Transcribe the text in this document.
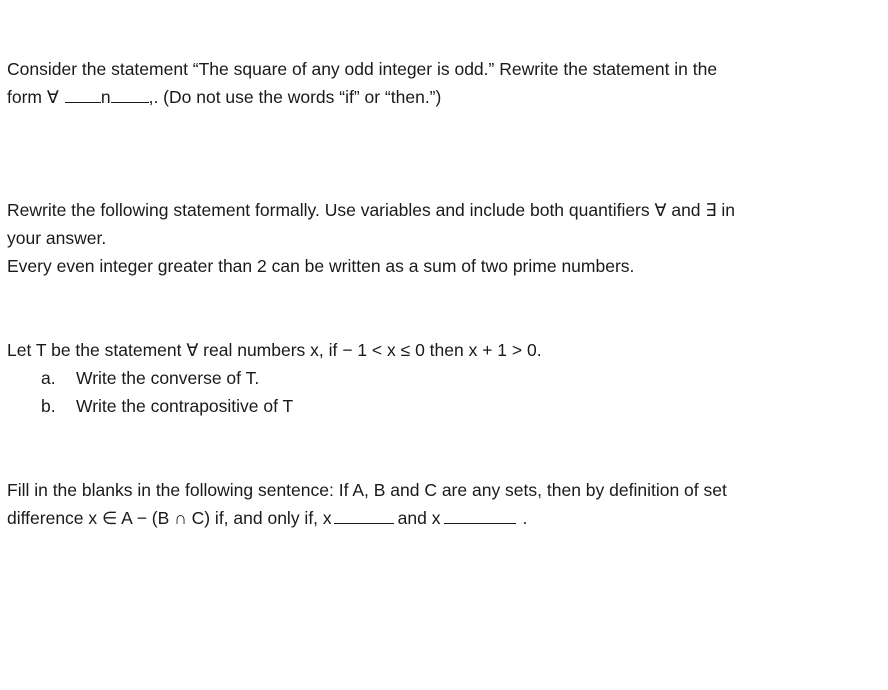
Consider the statement “The square of any odd integer is odd.” Rewrite the statement in the
form ∀ n ,. (Do not use the words “if” or “then.”)
Rewrite the following statement formally. Use variables and include both quantifiers ∀ and ∃ in
your answer.
Every even integer greater than 2 can be written as a sum of two prime numbers.
Let T be the statement ∀ real numbers x, if − 1 < x ≤ 0 then x + 1 > 0.
a. Write the converse of T.
b. Write the contrapositive of T
Fill in the blanks in the following sentence: If A, B and C are any sets, then by definition of set
difference x ∈ A − (B ∩ C) if, and only if, x	and x	.
